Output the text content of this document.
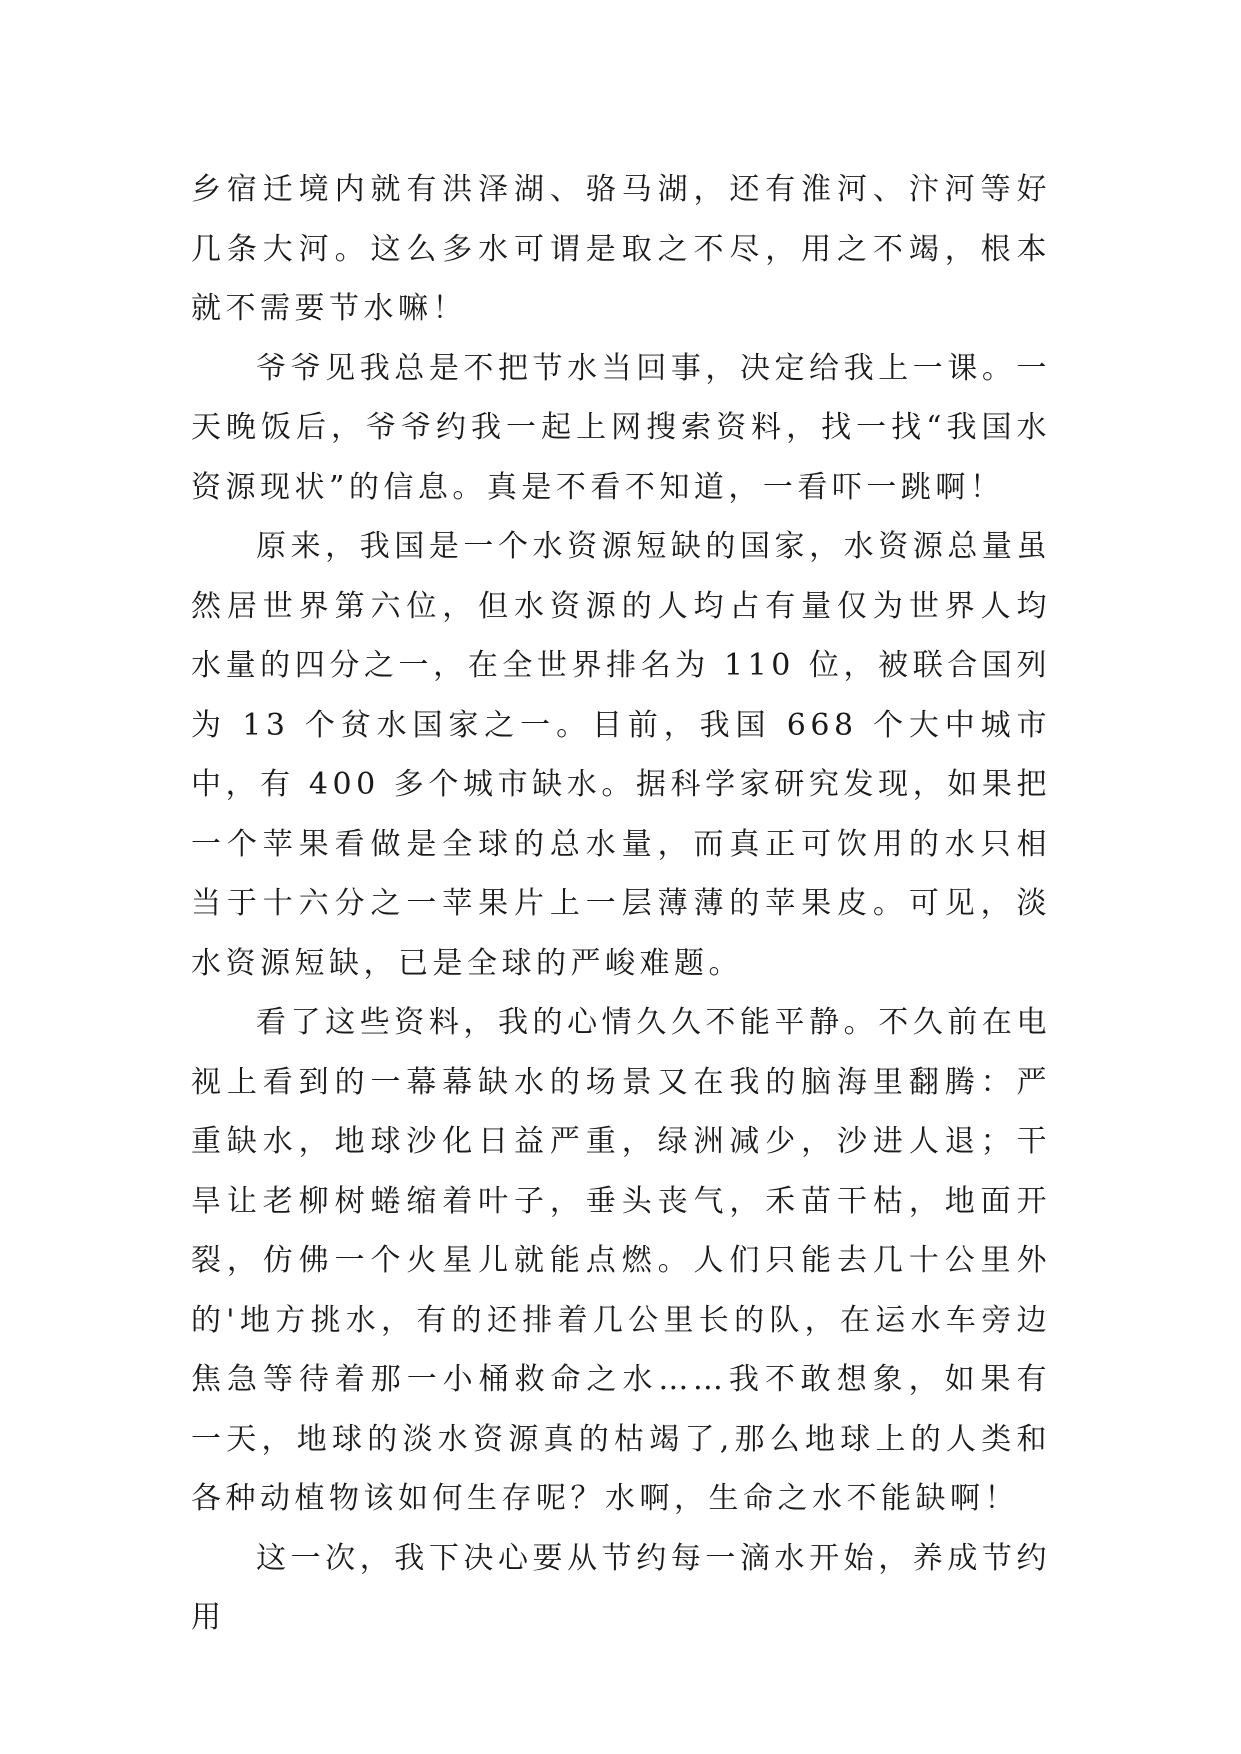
乡宿迁境内就有洪泽湖、骆马湖，还有淮河、汴河等好几条大河。这么多水可谓是取之不尽，用之不竭，根本就不需要节水嘛！

爷爷见我总是不把节水当回事，决定给我上一课。一天晚饭后，爷爷约我一起上网搜索资料，找一找“我国水资源现状”的信息。真是不看不知道，一看吓一跳啊！

原来，我国是一个水资源短缺的国家，水资源总量虽然居世界第六位，但水资源的人均占有量仅为世界人均水量的四分之一，在全世界排名为 110 位，被联合国列为 13 个贫水国家之一。目前，我国 668 个大中城市中，有 400 多个城市缺水。据科学家研究发现，如果把一个苹果看做是全球的总水量，而真正可饮用的水只相当于十六分之一苹果片上一层薄薄的苹果皮。可见，淡水资源短缺，已是全球的严峻难题。

看了这些资料，我的心情久久不能平静。不久前在电视上看到的一幕幕缺水的场景又在我的脑海里翻腾：严重缺水，地球沙化日益严重，绿洲减少，沙进人退；干旱让老柳树蜷缩着叶子，垂头丧气，禾苗干枯，地面开裂，仿佛一个火星儿就能点燃。人们只能去几十公里外的'地方挑水，有的还排着几公里长的队，在运水车旁边焦急等待着那一小桶救命之水……我不敢想象，如果有一天，地球的淡水资源真的枯竭了,那么地球上的人类和各种动植物该如何生存呢？水啊，生命之水不能缺啊！

这一次，我下决心要从节约每一滴水开始，养成节约用
